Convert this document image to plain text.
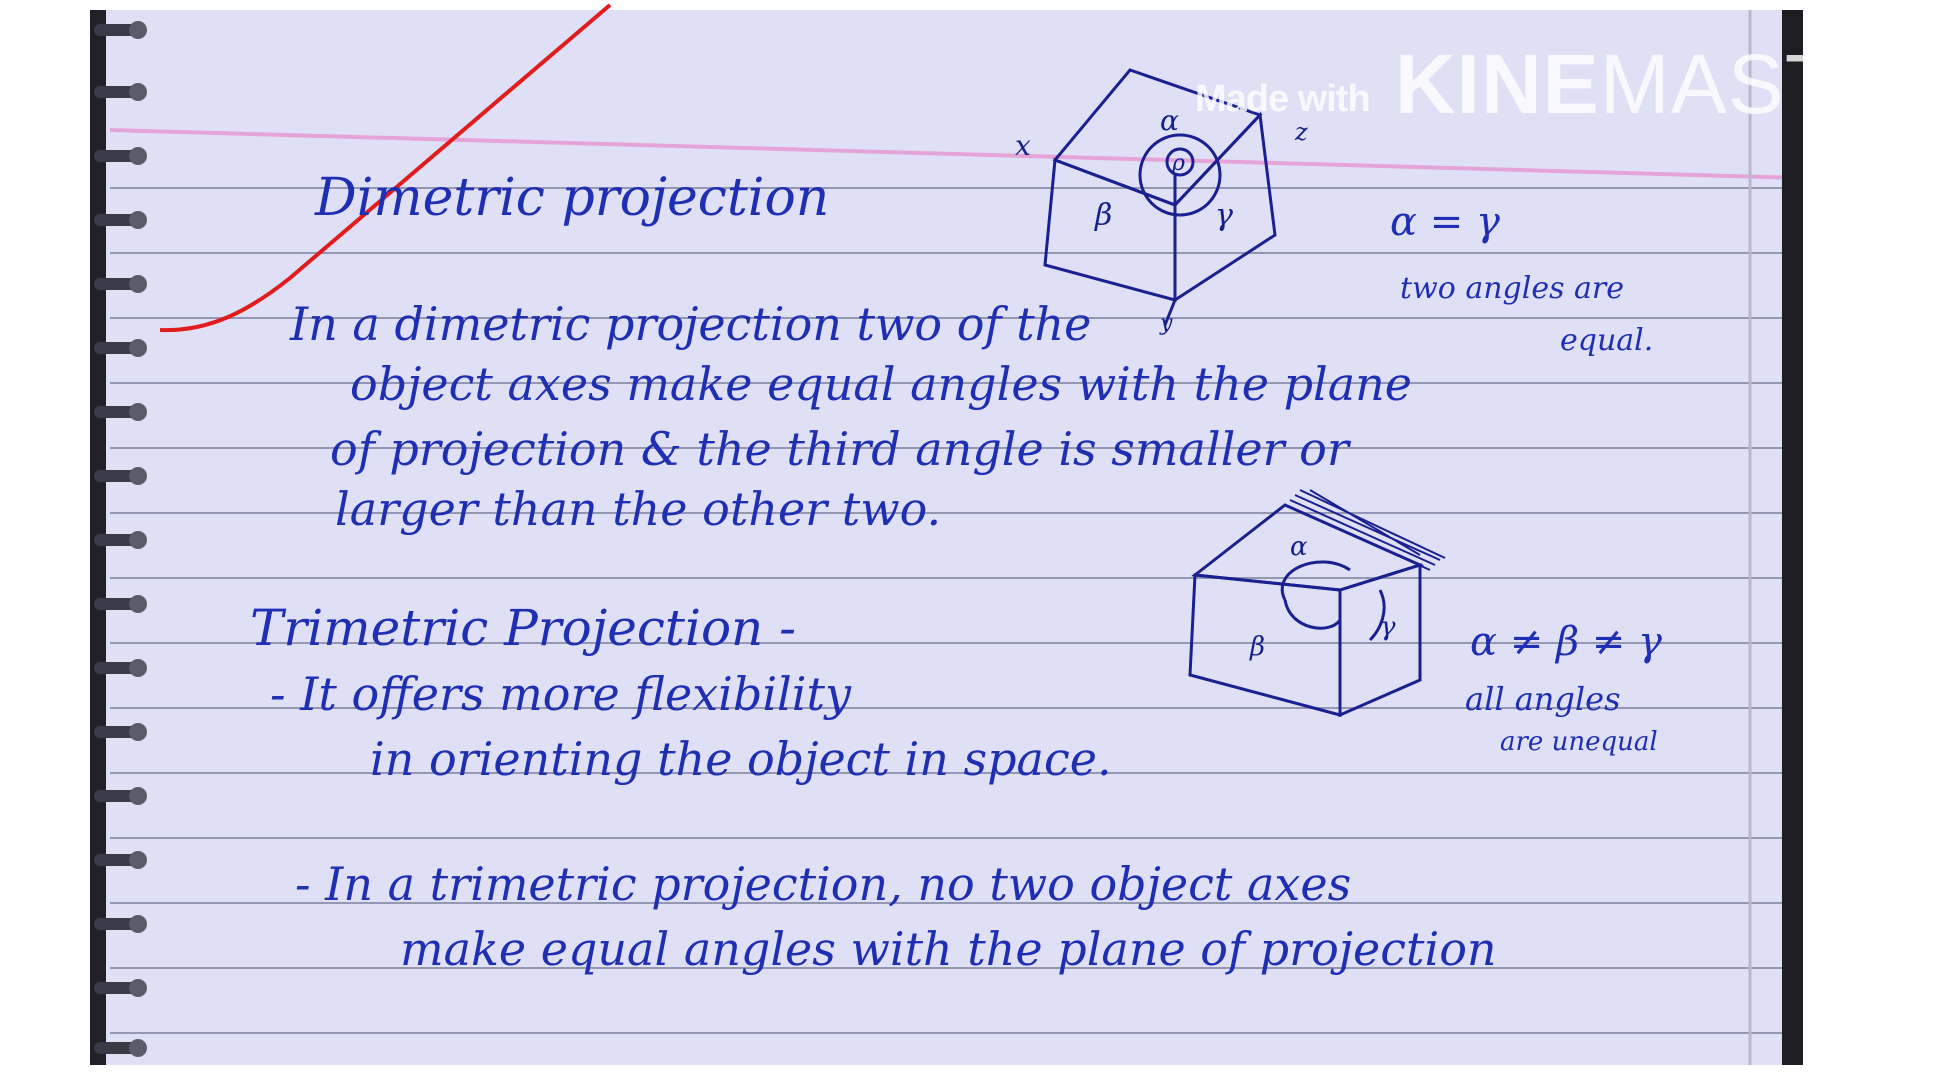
Dimetric projection
In a dimetric projection two of the
object axes make equal angles with the plane
of projection & the third angle is smaller or
larger than the other two.
α = γ
two angles are
equal.
x
α
ρ
β	γ
z
y
Trimetric Projection -
- It offers more flexibility
in orienting the object in space.
- In a trimetric projection, no two object axes
make equal angles with the plane of projection
α ≠ β ≠ γ
all angles
are unequal
α
β
γ
Made with KINEMASTER
